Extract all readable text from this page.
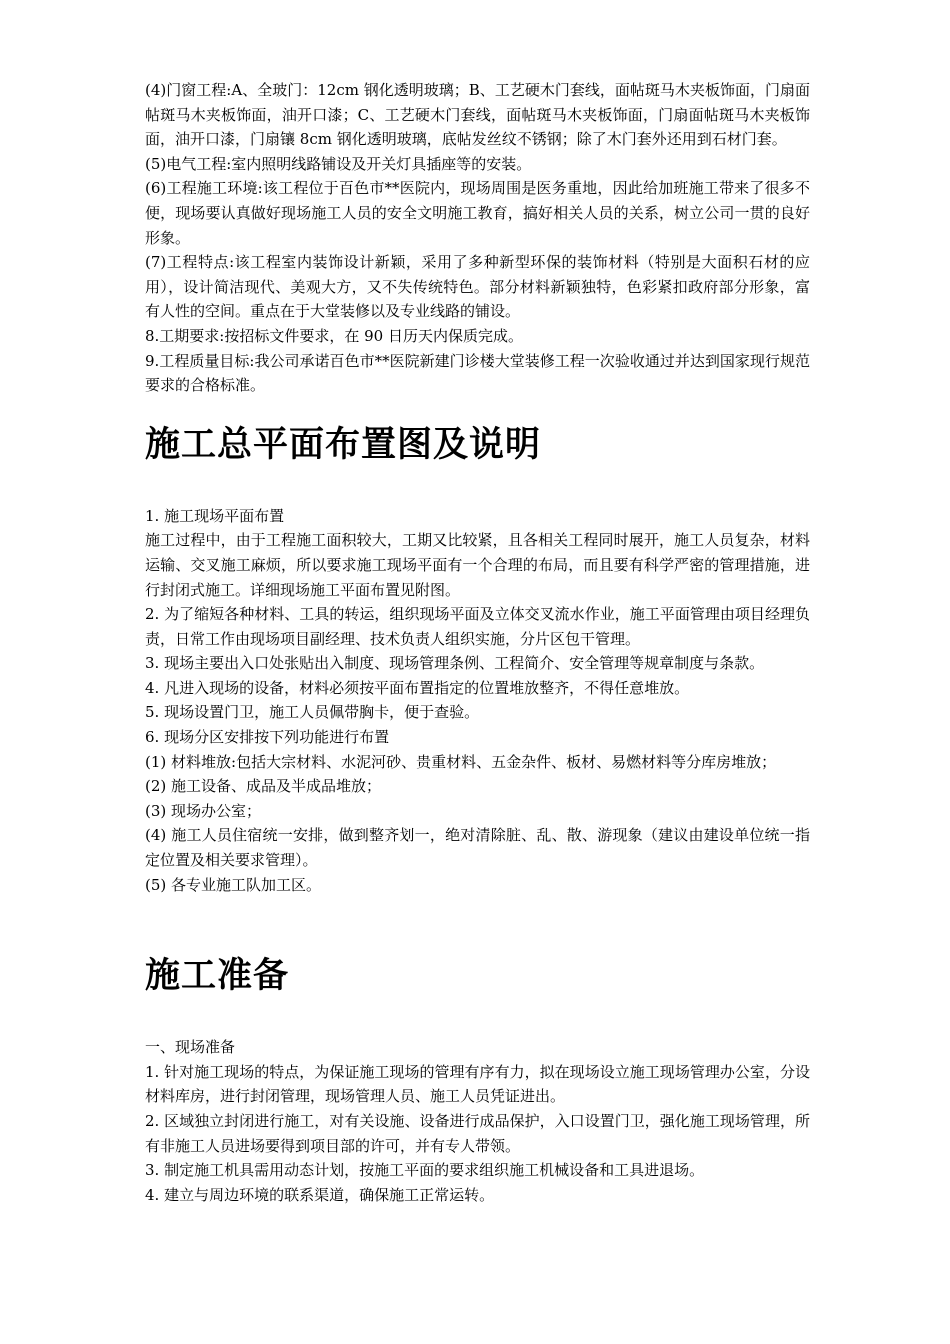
(4)门窗工程:A、全玻门：12cm 钢化透明玻璃；B、工艺硬木门套线，面帖斑马木夹板饰面，门扇面帖斑马木夹板饰面，油开口漆；C、工艺硬木门套线，面帖斑马木夹板饰面，门扇面帖斑马木夹板饰面，油开口漆，门扇镶 8cm 钢化透明玻璃，底帖发丝纹不锈钢；除了木门套外还用到石材门套。

(5)电气工程:室内照明线路铺设及开关灯具插座等的安装。

(6)工程施工环境:该工程位于百色市**医院内，现场周围是医务重地，因此给加班施工带来了很多不便，现场要认真做好现场施工人员的安全文明施工教育，搞好相关人员的关系，树立公司一贯的良好形象。

(7)工程特点:该工程室内装饰设计新颖，采用了多种新型环保的装饰材料（特别是大面积石材的应用），设计简洁现代、美观大方，又不失传统特色。部分材料新颖独特，色彩紧扣政府部分形象，富有人性的空间。重点在于大堂装修以及专业线路的铺设。

8.工期要求:按招标文件要求，在 90 日历天内保质完成。

9.工程质量目标:我公司承诺百色市**医院新建门诊楼大堂装修工程一次验收通过并达到国家现行规范要求的合格标准。

施工总平面布置图及说明

1. 施工现场平面布置

施工过程中，由于工程施工面积较大，工期又比较紧，且各相关工程同时展开，施工人员复杂，材料运输、交叉施工麻烦，所以要求施工现场平面有一个合理的布局，而且要有科学严密的管理措施，进行封闭式施工。详细现场施工平面布置见附图。

2. 为了缩短各种材料、工具的转运，组织现场平面及立体交叉流水作业，施工平面管理由项目经理负责，日常工作由现场项目副经理、技术负责人组织实施，分片区包干管理。

3. 现场主要出入口处张贴出入制度、现场管理条例、工程简介、安全管理等规章制度与条款。

4. 凡进入现场的设备，材料必须按平面布置指定的位置堆放整齐，不得任意堆放。

5. 现场设置门卫，施工人员佩带胸卡，便于查验。

6. 现场分区安排按下列功能进行布置

(1) 材料堆放:包括大宗材料、水泥河砂、贵重材料、五金杂件、板材、易燃材料等分库房堆放；

(2) 施工设备、成品及半成品堆放；

(3) 现场办公室；

(4) 施工人员住宿统一安排，做到整齐划一，绝对清除脏、乱、散、游现象（建议由建设单位统一指定位置及相关要求管理）。

(5) 各专业施工队加工区。

施工准备

一、现场准备

1. 针对施工现场的特点，为保证施工现场的管理有序有力，拟在现场设立施工现场管理办公室，分设材料库房，进行封闭管理，现场管理人员、施工人员凭证进出。

2. 区域独立封闭进行施工，对有关设施、设备进行成品保护，入口设置门卫，强化施工现场管理，所有非施工人员进场要得到项目部的许可，并有专人带领。

3. 制定施工机具需用动态计划，按施工平面的要求组织施工机械设备和工具进退场。

4. 建立与周边环境的联系渠道，确保施工正常运转。
